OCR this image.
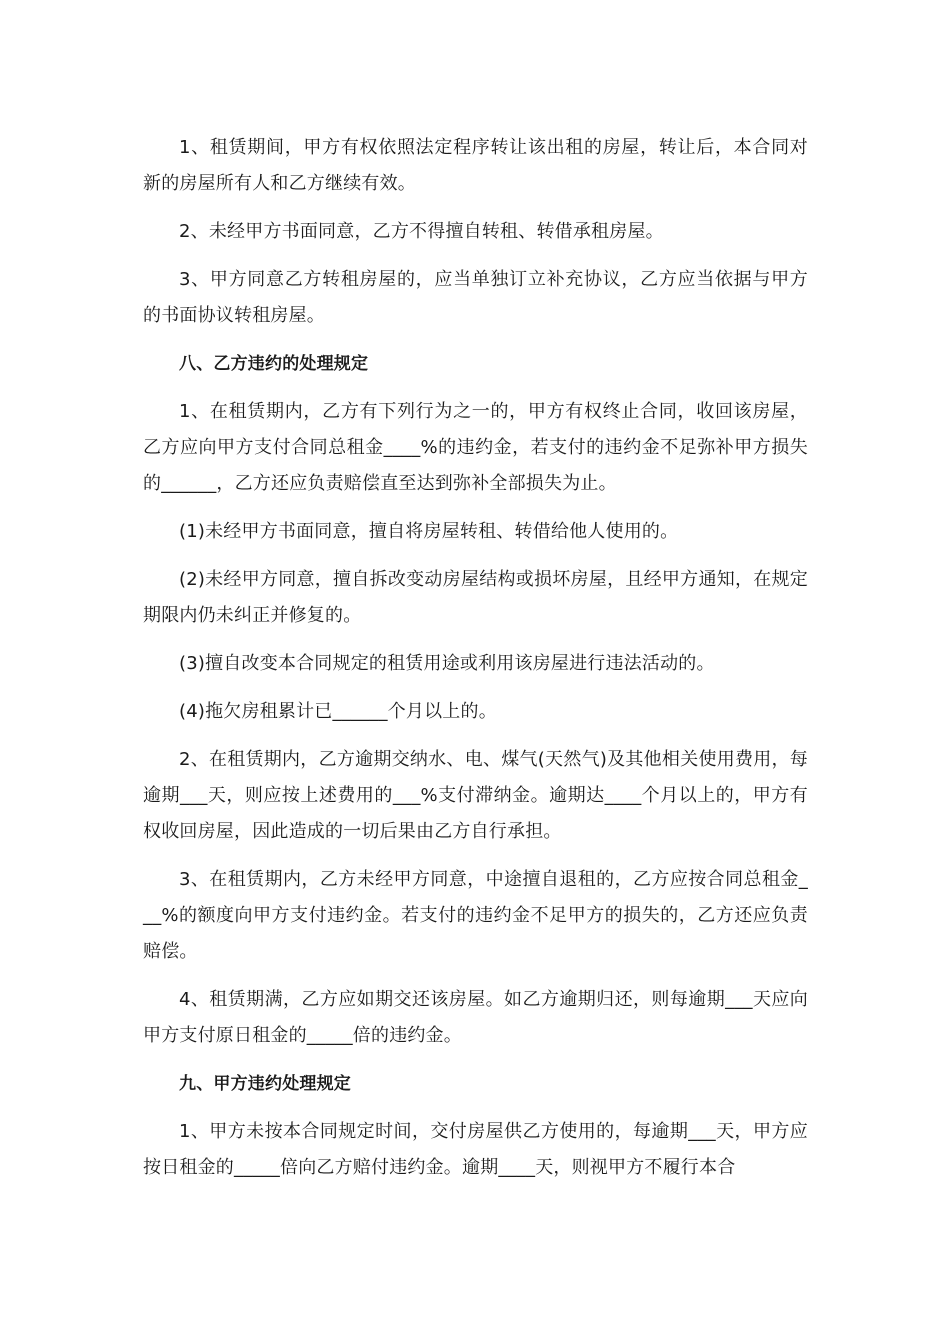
1、租赁期间，甲方有权依照法定程序转让该出租的房屋，转让后，本合同对新的房屋所有人和乙方继续有效。

2、未经甲方书面同意，乙方不得擅自转租、转借承租房屋。

3、甲方同意乙方转租房屋的，应当单独订立补充协议，乙方应当依据与甲方的书面协议转租房屋。

八、乙方违约的处理规定

1、在租赁期内，乙方有下列行为之一的，甲方有权终止合同，收回该房屋，乙方应向甲方支付合同总租金____%的违约金，若支付的违约金不足弥补甲方损失的______，乙方还应负责赔偿直至达到弥补全部损失为止。

(1)未经甲方书面同意，擅自将房屋转租、转借给他人使用的。

(2)未经甲方同意，擅自拆改变动房屋结构或损坏房屋，且经甲方通知，在规定期限内仍未纠正并修复的。

(3)擅自改变本合同规定的租赁用途或利用该房屋进行违法活动的。

(4)拖欠房租累计已______个月以上的。

2、在租赁期内，乙方逾期交纳水、电、煤气(天然气)及其他相关使用费用，每逾期___天，则应按上述费用的___%支付滞纳金。逾期达____个月以上的，甲方有权收回房屋，因此造成的一切后果由乙方自行承担。

3、在租赁期内，乙方未经甲方同意，中途擅自退租的，乙方应按合同总租金___%的额度向甲方支付违约金。若支付的违约金不足甲方的损失的，乙方还应负责赔偿。

4、租赁期满，乙方应如期交还该房屋。如乙方逾期归还，则每逾期___天应向甲方支付原日租金的_____倍的违约金。

九、甲方违约处理规定

1、甲方未按本合同规定时间，交付房屋供乙方使用的，每逾期___天，甲方应按日租金的_____倍向乙方赔付违约金。逾期____天，则视甲方不履行本合
